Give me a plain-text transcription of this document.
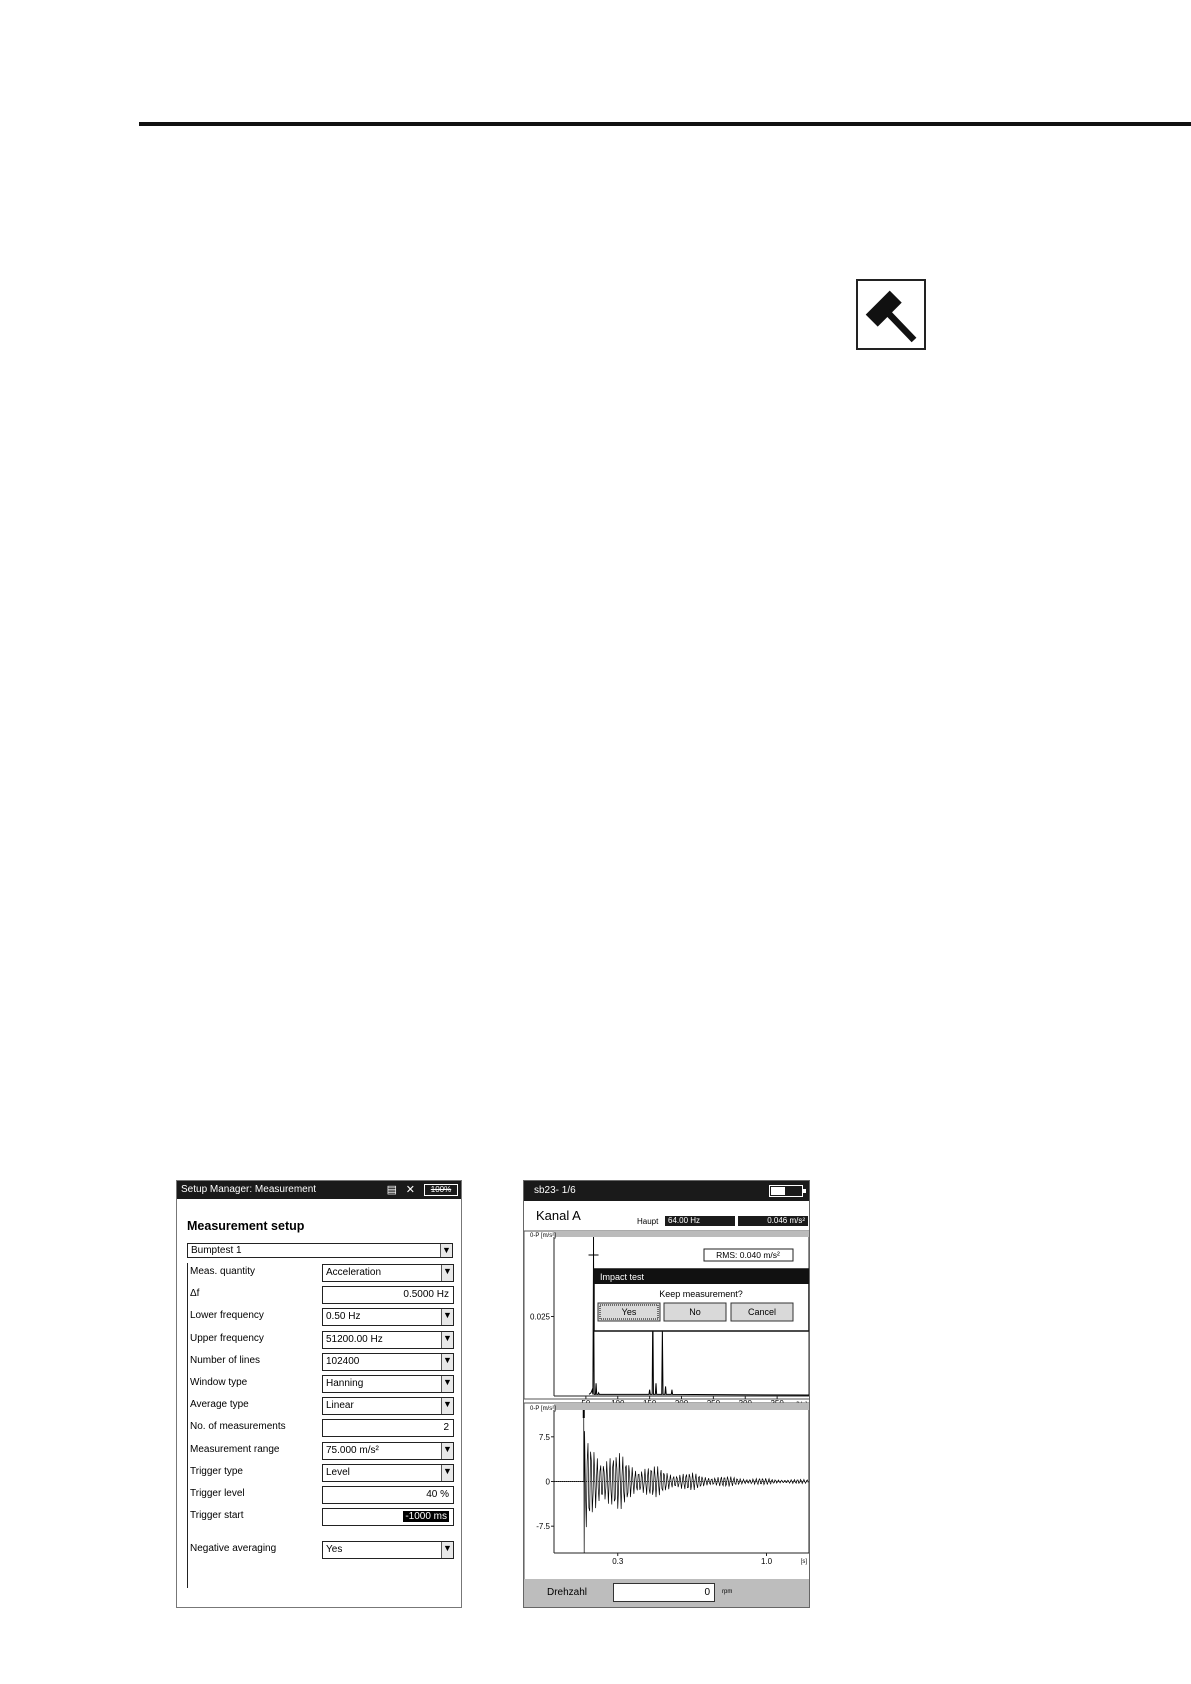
Setup Manager: Measurement	▤ ✕	100%
Measurement setup
Bumptest 1	▼
Meas. quantity	Acceleration	▼
Δf	0.5000 Hz
Lower frequency	0.50 Hz	▼
Upper frequency	51200.00 Hz	▼
Number of lines	102400	▼
Window type	Hanning	▼
Average type	Linear	▼
No. of measurements	2
Measurement range	75.000 m/s²	▼
Trigger type	Level	▼
Trigger level	40 %
Trigger start	-1000 ms
Negative averaging	Yes	▼
sb23- 1/6
Kanal A	Haupt	64.00 Hz	0.046 m/s²
0-P [m/s²]
0.025
RMS: 0.040 m/s²
Impact test
Keep measurement?
Yes	No	Cancel
0-P [m/s²]
7.5
0
-7.5
0.3	1.0	[s]
Drehzahl	0	rpm
